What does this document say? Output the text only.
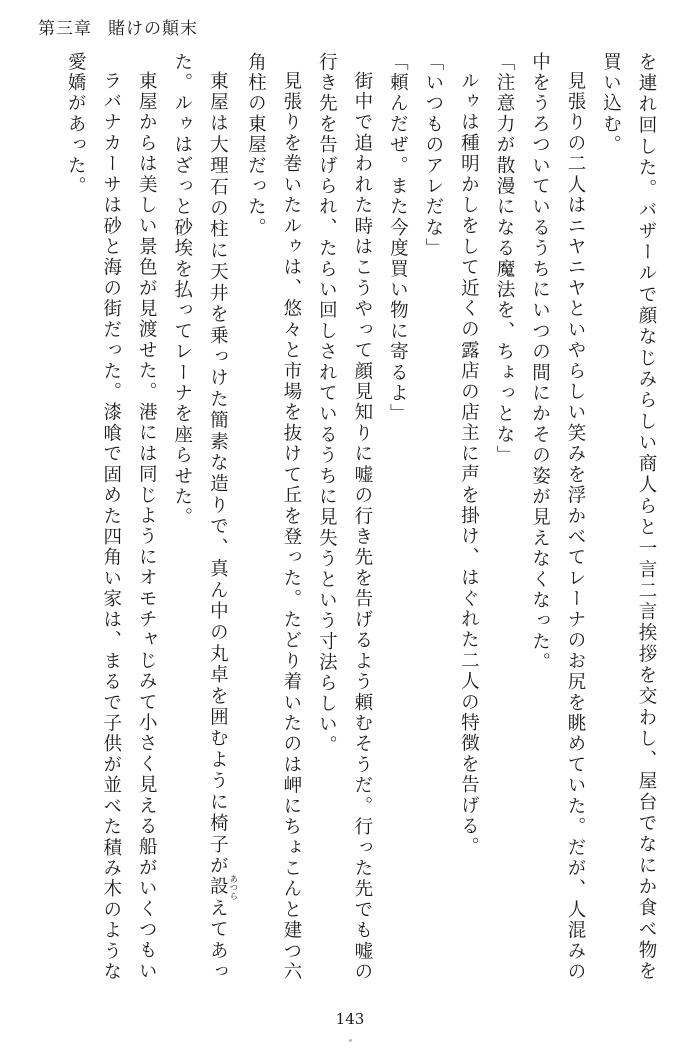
第三章 賭けの顛末

を連れ回した。バザールで顔なじみらしい商人らと一言二言挨拶を交わし、屋台でなにか食べ物を買い込む。

見張りの二人はニヤニヤといやらしい笑みを浮かべてレーナのお尻を眺めていた。だが、人混みの中をうろついているうちにいつの間にかその姿が見えなくなった。

「注意力が散漫になる魔法を、ちょっとな」

ルゥは種明かしをして近くの露店の店主に声を掛け、はぐれた二人の特徴を告げる。

「いつものアレだな」

「頼んだぜ。また今度買い物に寄るよ」

街中で追われた時はこうやって顔見知りに嘘の行き先を告げるよう頼むそうだ。行った先でも嘘の行き先を告げられ、たらい回しされているうちに見失うという寸法らしい。

見張りを巻いたルゥは、悠々と市場を抜けて丘を登った。たどり着いたのは岬にちょこんと建つ六角柱の東屋だった。

東屋は大理石の柱に天井を乗っけた簡素な造りで、真ん中の丸卓を囲むように椅子が設 あつらえてあった。ルゥはざっと砂埃を払ってレーナを座らせた。

東屋からは美しい景色が見渡せた。港には同じようにオモチャじみて小さく見える船がいくつもい

ラバナカーサは砂と海の街だった。漆喰で固めた四角い家は、まるで子供が並べた積み木のような愛嬌があった。

143
